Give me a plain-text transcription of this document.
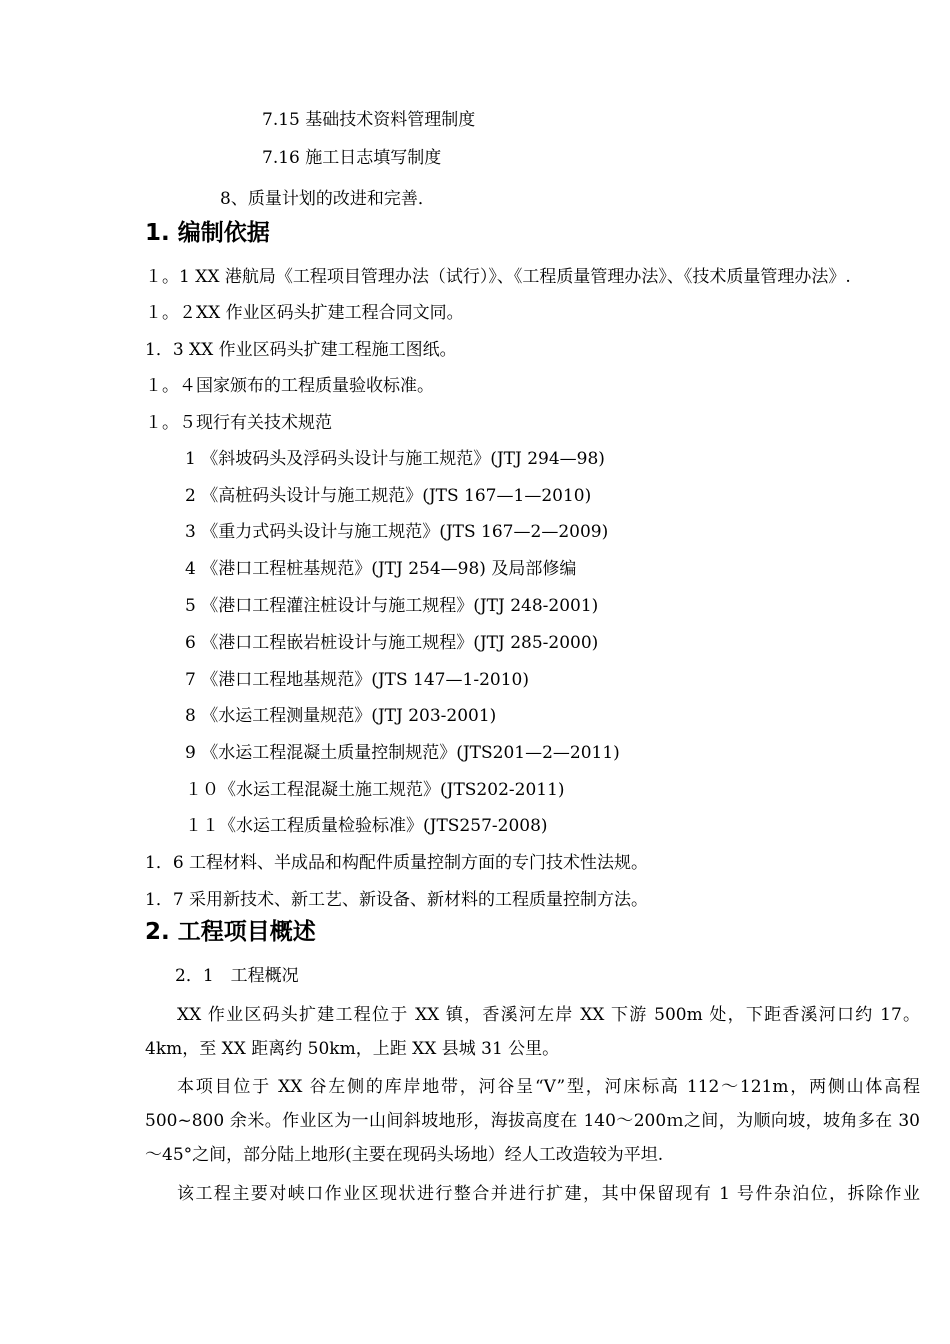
7.15 基础技术资料管理制度
7.16 施工日志填写制度
8、质量计划的改进和完善．
1. 编制依据
１。1 XX 港航局《工程项目管理办法（试行）》、《工程质量管理办法》、《技术质量管理办法》.
１。２XX 作业区码头扩建工程合同文同。
1．3 XX 作业区码头扩建工程施工图纸。
１。４国家颁布的工程质量验收标准。
１。５现行有关技术规范
1 《斜坡码头及浮码头设计与施工规范》(JTJ 294—98)
2 《高桩码头设计与施工规范》(JTS 167—1—2010)
3 《重力式码头设计与施工规范》(JTS 167—2—2009)
4 《港口工程桩基规范》(JTJ 254—98) 及局部修编
5 《港口工程灌注桩设计与施工规程》(JTJ 248-2001)
6 《港口工程嵌岩桩设计与施工规程》(JTJ 285-2000)
7 《港口工程地基规范》(JTS 147—1-2010)
8 《水运工程测量规范》(JTJ 203-2001)
9 《水运工程混凝土质量控制规范》(JTS201—2—2011)
１０《水运工程混凝土施工规范》(JTS202-2011)
１１《水运工程质量检验标准》(JTS257-2008)
1．6 工程材料、半成品和构配件质量控制方面的专门技术性法规。
1．7 采用新技术、新工艺、新设备、新材料的工程质量控制方法。
2. 工程项目概述
2．1　工程概况
XX 作业区码头扩建工程位于 XX 镇，香溪河左岸 XX 下游 500m 处，下距香溪河口约 17。4km，至 XX 距离约 50km，上距 XX 县城 31 公里。
本项目位于 XX 谷左侧的库岸地带，河谷呈“V”型，河床标高 112～121m，两侧山体高程 500~800 余米。作业区为一山间斜坡地形，海拔高度在 140～200ｍ之间，为顺向坡，坡角多在 30～45°之间，部分陆上地形(主要在现码头场地）经人工改造较为平坦.
该工程主要对峡口作业区现状进行整合并进行扩建，其中保留现有 1 号件杂泊位，拆除作业
